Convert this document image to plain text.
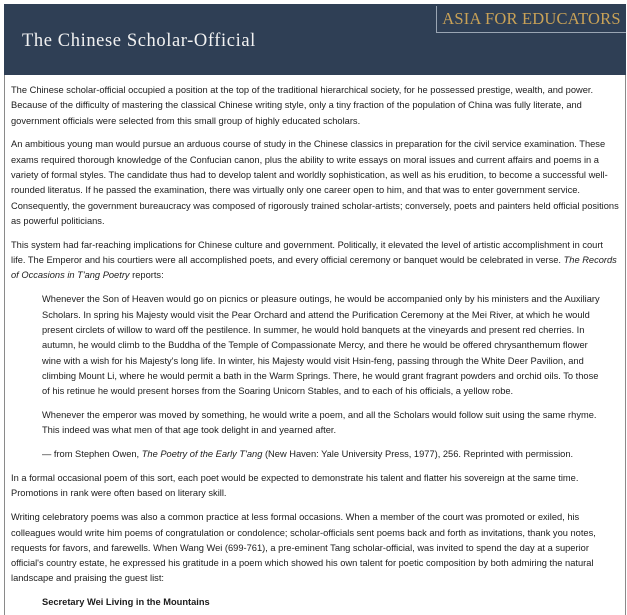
ASIA FOR EDUCATORS
The Chinese Scholar-Official

The Chinese scholar-official occupied a position at the top of the traditional hierarchical society, for he possessed prestige, wealth, and power. Because of the difficulty of mastering the classical Chinese writing style, only a tiny fraction of the population of China was fully literate, and government officials were selected from this small group of highly educated scholars.

An ambitious young man would pursue an arduous course of study in the Chinese classics in preparation for the civil service examination. These exams required thorough knowledge of the Confucian canon, plus the ability to write essays on moral issues and current affairs and poems in a variety of formal styles. The candidate thus had to develop talent and worldly sophistication, as well as his erudition, to become a successful well-rounded literatus. If he passed the examination, there was virtually only one career open to him, and that was to enter government service. Consequently, the government bureaucracy was composed of rigorously trained scholar-artists; conversely, poets and painters held official positions as powerful politicians.

This system had far-reaching implications for Chinese culture and government. Politically, it elevated the level of artistic accomplishment in court life. The Emperor and his courtiers were all accomplished poets, and every official ceremony or banquet would be celebrated in verse. The Records of Occasions in T'ang Poetry reports:

Whenever the Son of Heaven would go on picnics or pleasure outings, he would be accompanied only by his ministers and the Auxiliary Scholars. In spring his Majesty would visit the Pear Orchard and attend the Purification Ceremony at the Mei River, at which he would present circlets of willow to ward off the pestilence. In summer, he would hold banquets at the vineyards and present red cherries. In autumn, he would climb to the Buddha of the Temple of Compassionate Mercy, and there he would be offered chrysanthemum flower wine with a wish for his Majesty's long life. In winter, his Majesty would visit Hsin-feng, passing through the White Deer Pavilion, and climbing Mount Li, where he would permit a bath in the Warm Springs. There, he would grant fragrant powders and orchid oils. To those of his retinue he would present horses from the Soaring Unicorn Stables, and to each of his officials, a yellow robe.

Whenever the emperor was moved by something, he would write a poem, and all the Scholars would follow suit using the same rhyme. This indeed was what men of that age took delight in and yearned after.

— from Stephen Owen, The Poetry of the Early T'ang (New Haven: Yale University Press, 1977), 256. Reprinted with permission.

In a formal occasional poem of this sort, each poet would be expected to demonstrate his talent and flatter his sovereign at the same time. Promotions in rank were often based on literary skill.

Writing celebratory poems was also a common practice at less formal occasions. When a member of the court was promoted or exiled, his colleagues would write him poems of congratulation or condolence; scholar-officials sent poems back and forth as invitations, thank you notes, requests for favors, and farewells. When Wang Wei (699-761), a pre-eminent Tang scholar-official, was invited to spend the day at a superior official's country estate, he expressed his gratitude in a poem which showed his own talent for poetic composition by both admiring the natural landscape and praising the guest list:

Secretary Wei Living in the Mountains
